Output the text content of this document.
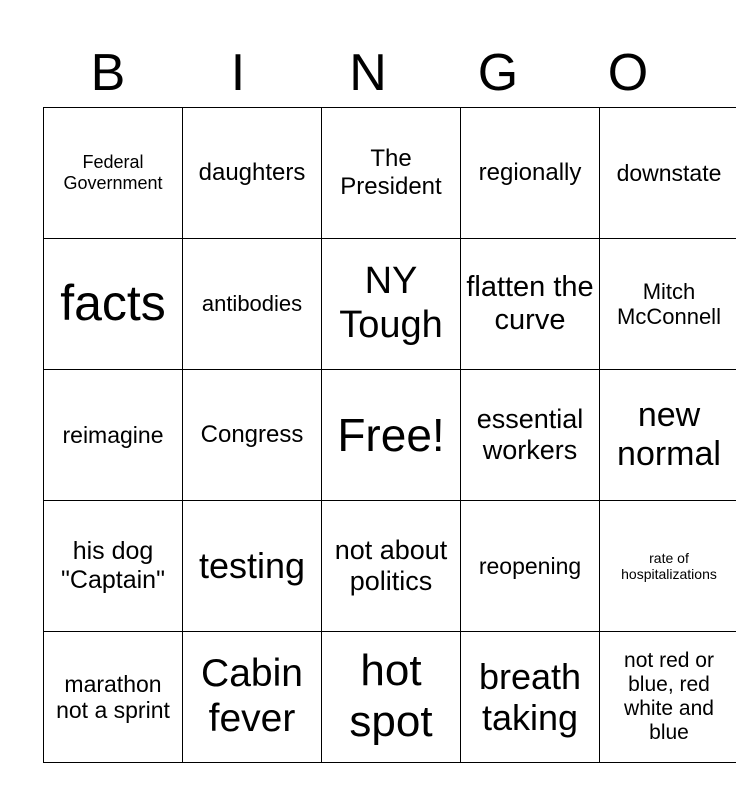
B	I	N	G	O
Federal Government	daughters	The President	regionally	downstate
facts	antibodies	NY Tough	flatten the curve	Mitch McConnell
reimagine	Congress	Free!	essential workers	new normal
his dog "Captain"	testing	not about politics	reopening	rate of hospitalizations
marathon not a sprint	Cabin fever	hot spot	breath taking	not red or blue, red white and blue
